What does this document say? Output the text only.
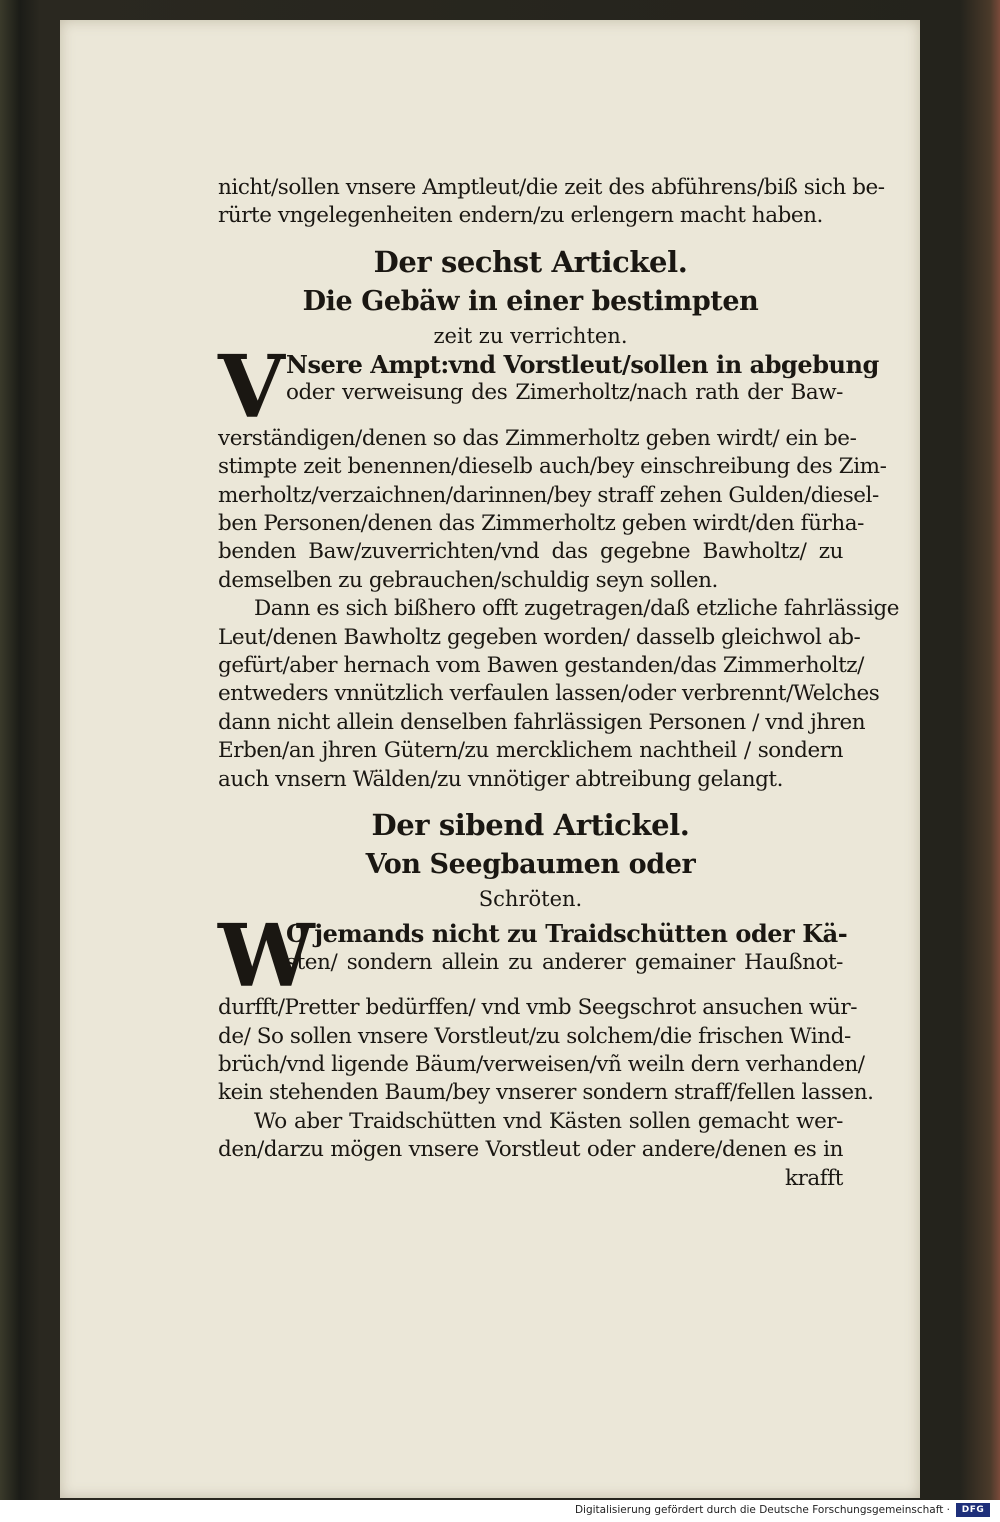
nicht/sollen vnsere Amptleut/die zeit des abführens/biß sich be-
rürte vngelegenheiten endern/zu erlengern macht haben.
Der sechst Artickel.
Die Gebäw in einer bestimpten
zeit zu verrichten.
V Nsere Ampt:vnd Vorstleut/sollen in abgebung
oder verweisung des Zimerholtz/nach rath der Baw-
verständigen/denen so das Zimmerholtz geben wirdt/ ein be-
stimpte zeit benennen/dieselb auch/bey einschreibung des Zim-
merholtz/verzaichnen/darinnen/bey straff zehen Gulden/diesel-
ben Personen/denen das Zimmerholtz geben wirdt/den fürha-
benden Baw/zuverrichten/vnd das gegebne Bawholtz/ zu
demselben zu gebrauchen/schuldig seyn sollen.
Dann es sich bißhero offt zugetragen/daß etzliche fahrlässige
Leut/denen Bawholtz gegeben worden/ dasselb gleichwol ab-
gefürt/aber hernach vom Bawen gestanden/das Zimmerholtz/
entweders vnnützlich verfaulen lassen/oder verbrennt/Welches
dann nicht allein denselben fahrlässigen Personen / vnd jhren
Erben/an jhren Gütern/zu mercklichem nachtheil / sondern
auch vnsern Wälden/zu vnnötiger abtreibung gelangt.
Der sibend Artickel.
Von Seegbaumen oder
Schröten.
W
O jemands nicht zu Traidschütten oder Kä-
sten/ sondern allein zu anderer gemainer Haußnot-
durfft/Pretter bedürffen/ vnd vmb Seegschrot ansuchen wür-
de/ So sollen vnsere Vorstleut/zu solchem/die frischen Wind-
brüch/vnd ligende Bäum/verweisen/vñ weiln dern verhanden/
kein stehenden Baum/bey vnserer sondern straff/fellen lassen.
Wo aber Traidschütten vnd Kästen sollen gemacht wer-
den/darzu mögen vnsere Vorstleut oder andere/denen es in
krafft
Digitalisierung gefördert durch die Deutsche Forschungsgemeinschaft ·	DFG
